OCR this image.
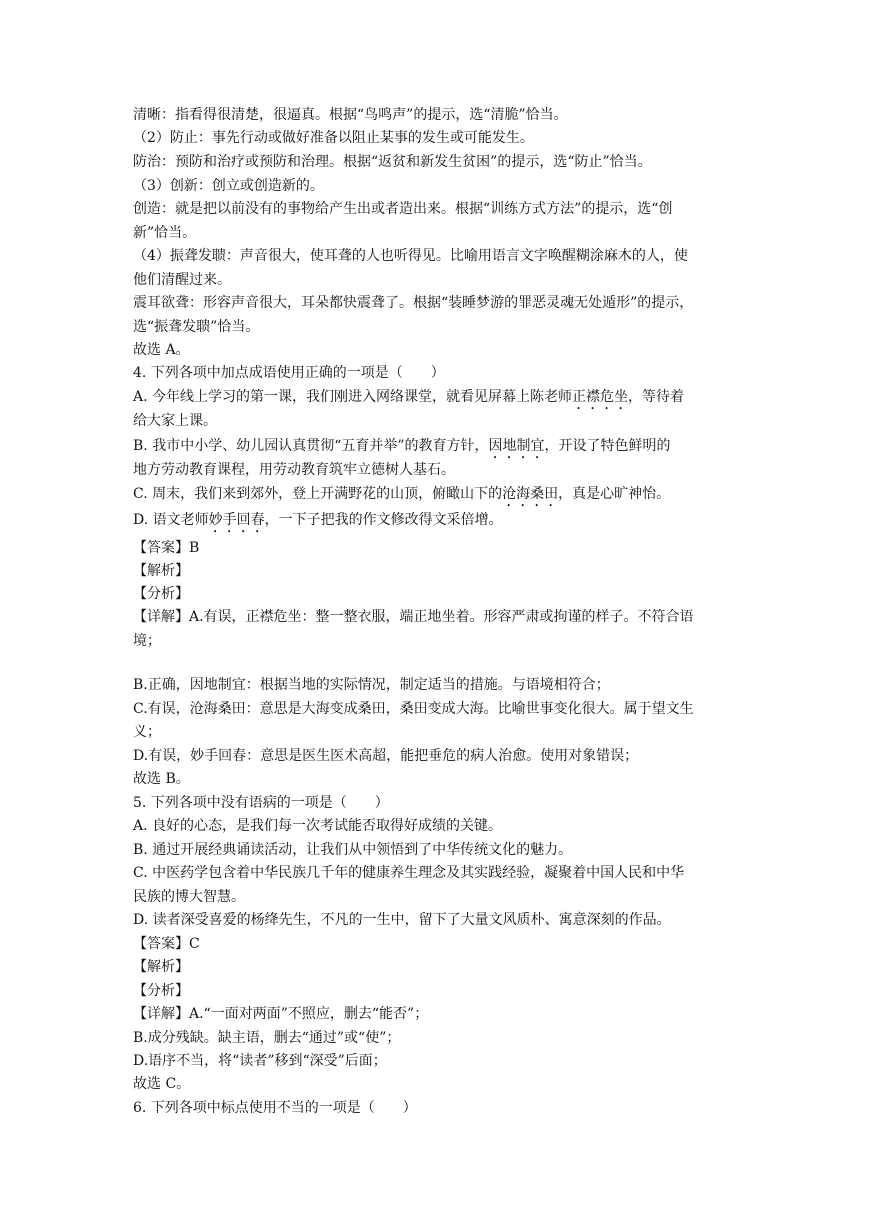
清晰：指看得很清楚，很逼真。根据“鸟鸣声”的提示，选“清脆”恰当。
（2）防止：事先行动或做好准备以阻止某事的发生或可能发生。
防治：预防和治疗或预防和治理。根据“返贫和新发生贫困”的提示，选“防止”恰当。
（3）创新：创立或创造新的。
创造：就是把以前没有的事物给产生出或者造出来。根据“训练方式方法”的提示，选“创
新”恰当。
（4）振聋发聩：声音很大，使耳聋的人也听得见。比喻用语言文字唤醒糊涂麻木的人，使
他们清醒过来。
震耳欲聋：形容声音很大，耳朵都快震聋了。根据“装睡梦游的罪恶灵魂无处遁形”的提示，
选“振聋发聩”恰当。
故选 A。
4. 下列各项中加点成语使用正确的一项是（　　）
A. 今年线上学习的第一课，我们刚进入网络课堂，就看见屏幕上陈老师正襟危坐，等待着
给大家上课。
B. 我市中小学、幼儿园认真贯彻“五育并举”的教育方针，因地制宜，开设了特色鲜明的
地方劳动教育课程，用劳动教育筑牢立德树人基石。
C. 周末，我们来到郊外，登上开满野花的山顶，俯瞰山下的沧海桑田，真是心旷神怡。
D. 语文老师妙手回春，一下子把我的作文修改得文采倍增。
【答案】B
【解析】
【分析】
【详解】A.有误，正襟危坐：整一整衣服，端正地坐着。形容严肃或拘谨的样子。不符合语
境；
B.正确，因地制宜：根据当地的实际情况，制定适当的措施。与语境相符合；
C.有误，沧海桑田：意思是大海变成桑田，桑田变成大海。比喻世事变化很大。属于望文生
义；
D.有误，妙手回春：意思是医生医术高超，能把垂危的病人治愈。使用对象错误；
故选 B。
5. 下列各项中没有语病的一项是（　　）
A. 良好的心态，是我们每一次考试能否取得好成绩的关键。
B. 通过开展经典诵读活动，让我们从中领悟到了中华传统文化的魅力。
C. 中医药学包含着中华民族几千年的健康养生理念及其实践经验，凝聚着中国人民和中华
民族的博大智慧。
D. 读者深受喜爱的杨绛先生，不凡的一生中，留下了大量文风质朴、寓意深刻的作品。
【答案】C
【解析】
【分析】
【详解】A.“一面对两面”不照应，删去“能否”；
B.成分残缺。缺主语，删去“通过”或“使”；
D.语序不当，将“读者”移到“深受”后面；
故选 C。
6. 下列各项中标点使用不当的一项是（　　）
